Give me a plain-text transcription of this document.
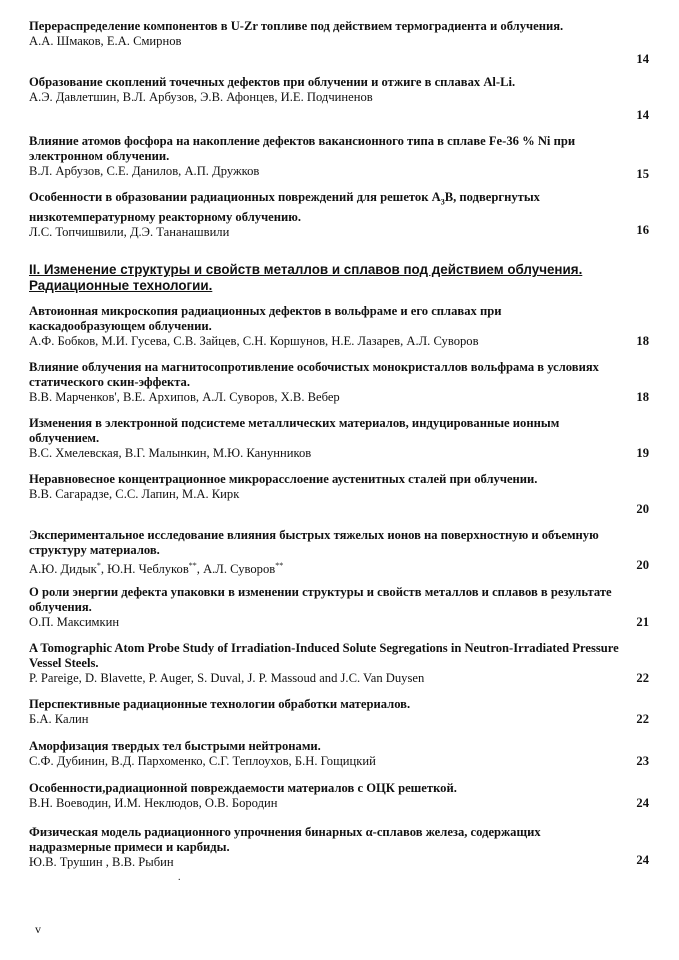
Перераспределение компонентов в U-Zr топливе под действием термоградиента и облучения.
А.А. Шмаков, Е.А. Смирнов
14
Образование скоплений точечных дефектов при облучении и отжиге в сплавах Al-Li.
А.Э. Давлетшин, В.Л. Арбузов, Э.В. Афонцев, И.Е. Подчиненов
14
Влияние атомов фосфора на накопление дефектов вакансионного типа в сплаве Fe-36 % Ni при электронном облучении.
В.Л. Арбузов, С.Е. Данилов, А.П. Дружков	15
Особенности в образовании радиационных повреждений для решеток $A_3B$, подвергнутых низкотемпературному реакторному облучению.
Л.С. Топчишвили, Д.Э. Тананашвили	16
II. Изменение структуры и свойств металлов и сплавов под действием облучения. Радиационные технологии.
Автоионная микроскопия радиационных дефектов в вольфраме и его сплавах при каскадообразующем облучении.
А.Ф. Бобков, М.И. Гусева, С.В. Зайцев, С.Н. Коршунов, Н.Е. Лазарев, А.Л. Суворов	18
Влияние облучения на магнитосопротивление особочистых монокристаллов вольфрама в условиях статического скин-эффекта.
В.В. Марченков', В.Е. Архипов, А.Л. Суворов, Х.В. Вебер	18
Изменения в электронной подсистеме металлических материалов, индуцированные ионным облучением.
В.С. Хмелевская, В.Г. Малынкин, М.Ю. Канунников	19
Неравновесное концентрационное микрорасслоение аустенитных сталей при облучении.
В.В. Сагарадзе, С.С. Лапин, М.А. Кирк
20
Экспериментальное исследование влияния быстрых тяжелых ионов на поверхностную и объемную структуру материалов.
А.Ю. Дидык*, Ю.Н. Чеблуков**, А.Л. Суворов**	20
О роли энергии дефекта упаковки в изменении структуры и свойств металлов и сплавов в результате облучения.
О.П. Максимкин	21
A Tomographic Atom Probe Study of Irradiation-Induced Solute Segregations in Neutron-Irradiated Pressure Vessel Steels.
P. Pareige, D. Blavette, P. Auger, S. Duval, J. P. Massoud and J.C. Van Duysen	22
Перспективные радиационные технологии обработки материалов.
Б.А. Калин	22
Аморфизация твердых тел быстрыми нейтронами.
С.Ф. Дубинин, В.Д. Пархоменко, С.Г. Теплоухов, Б.Н. Гощицкий	23
Особенности,радиационной повреждаемости материалов с ОЦК решеткой.
В.Н. Воеводин, И.М. Неклюдов, О.В. Бородин	24
Физическая модель радиационного упрочнения бинарных α-сплавов железа, содержащих надразмерные примеси и карбиды.
Ю.В. Трушин , В.В. Рыбин	24
.
v
